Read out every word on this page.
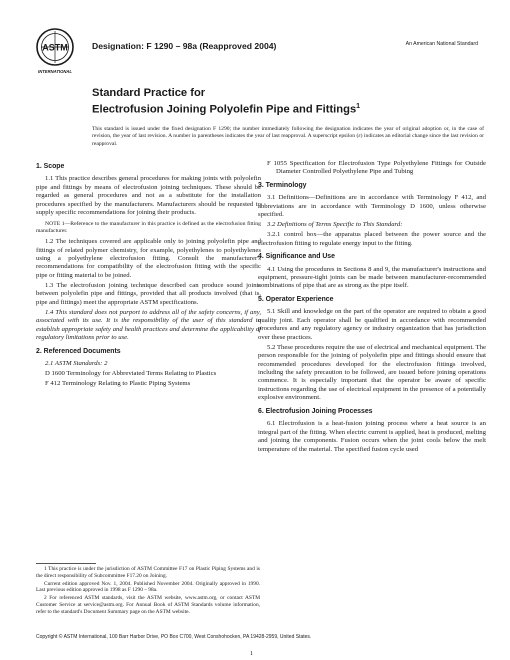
ASTM
INTERNATIONAL
Designation: F 1290 – 98a (Reapproved 2004)	An American National Standard
Standard Practice for
Electrofusion Joining Polyolefin Pipe and Fittings$^1$
This standard is issued under the fixed designation F 1290; the number immediately following the designation indicates the year of original adoption or, in the case of revision, the year of last revision. A number in parentheses indicates the year of last reapproval. A superscript epsilon (ε) indicates an editorial change since the last revision or reapproval.
1. Scope

1.1 This practice describes general procedures for making joints with polyolefin pipe and fittings by means of electrofusion joining techniques. These should be regarded as general procedures and not as a substitute for the installation procedures specified by the manufacturers. Manufacturers should be requested to supply specific recommendations for joining their products.

NOTE 1—Reference to the manufacturer in this practice is defined as the electrofusion fitting manufacturer.

1.2 The techniques covered are applicable only to joining polyolefin pipe and fittings of related polymer chemistry, for example, polyethylenes to polyethylenes using a polyethylene electrofusion fitting. Consult the manufacturer's recommendations for compatibility of the electrofusion fitting with the specific pipe or fitting material to be joined.

1.3 The electrofusion joining technique described can produce sound joints between polyolefin pipe and fittings, provided that all products involved (that is, pipe and fittings) meet the appropriate ASTM specifications.

1.4 This standard does not purport to address all of the safety concerns, if any, associated with its use. It is the responsibility of the user of this standard to establish appropriate safety and health practices and determine the applicability of regulatory limitations prior to use.

2. Referenced Documents

2.1 ASTM Standards: 2

D 1600 Terminology for Abbreviated Terms Relating to Plastics

F 412 Terminology Relating to Plastic Piping Systems

1 This practice is under the jurisdiction of ASTM Committee F17 on Plastic Piping Systems and is the direct responsibility of Subcommittee F17.20 on Joining.

Current edition approved Nov. 1, 2004. Published November 2004. Originally approved in 1990. Last previous edition approved in 1998 as F 1290 – 98a.

2 For referenced ASTM standards, visit the ASTM website, www.astm.org, or contact ASTM Customer Service at service@astm.org. For Annual Book of ASTM Standards volume information, refer to the standard's Document Summary page on the ASTM website.

F 1055 Specification for Electrofusion Type Polyethylene Fittings for Outside Diameter Controlled Polyethylene Pipe and Tubing

3. Terminology

3.1 Definitions—Definitions are in accordance with Terminology F 412, and abbreviations are in accordance with Terminology D 1600, unless otherwise specified.

3.2 Definitions of Terms Specific to This Standard:

3.2.1 control box—the apparatus placed between the power source and the electrofusion fitting to regulate energy input to the fitting.

4. Significance and Use

4.1 Using the procedures in Sections 8 and 9, the manufacturer's instructions and equipment, pressure-tight joints can be made between manufacturer-recommended combinations of pipe that are as strong as the pipe itself.

5. Operator Experience

5.1 Skill and knowledge on the part of the operator are required to obtain a good quality joint. Each operator shall be qualified in accordance with recommended procedures and any regulatory agency or industry organization that has jurisdiction over these practices.

5.2 These procedures require the use of electrical and mechanical equipment. The person responsible for the joining of polyolefin pipe and fittings should ensure that recommended procedures developed for the electrofusion fittings involved, including the safety precaution to be followed, are issued before joining operations commence. It is especially important that the operator be aware of specific instructions regarding the use of electrical equipment in the presence of a potentially explosive environment.

6. Electrofusion Joining Processes

6.1 Electrofusion is a heat-fusion joining process where a heat source is an integral part of the fitting. When electric current is applied, heat is produced, melting and joining the components. Fusion occurs when the joint cools below the melt temperature of the material. The specified fusion cycle used

Copyright © ASTM International, 100 Barr Harbor Drive, PO Box C700, West Conshohocken, PA 19428-2959, United States.
1
